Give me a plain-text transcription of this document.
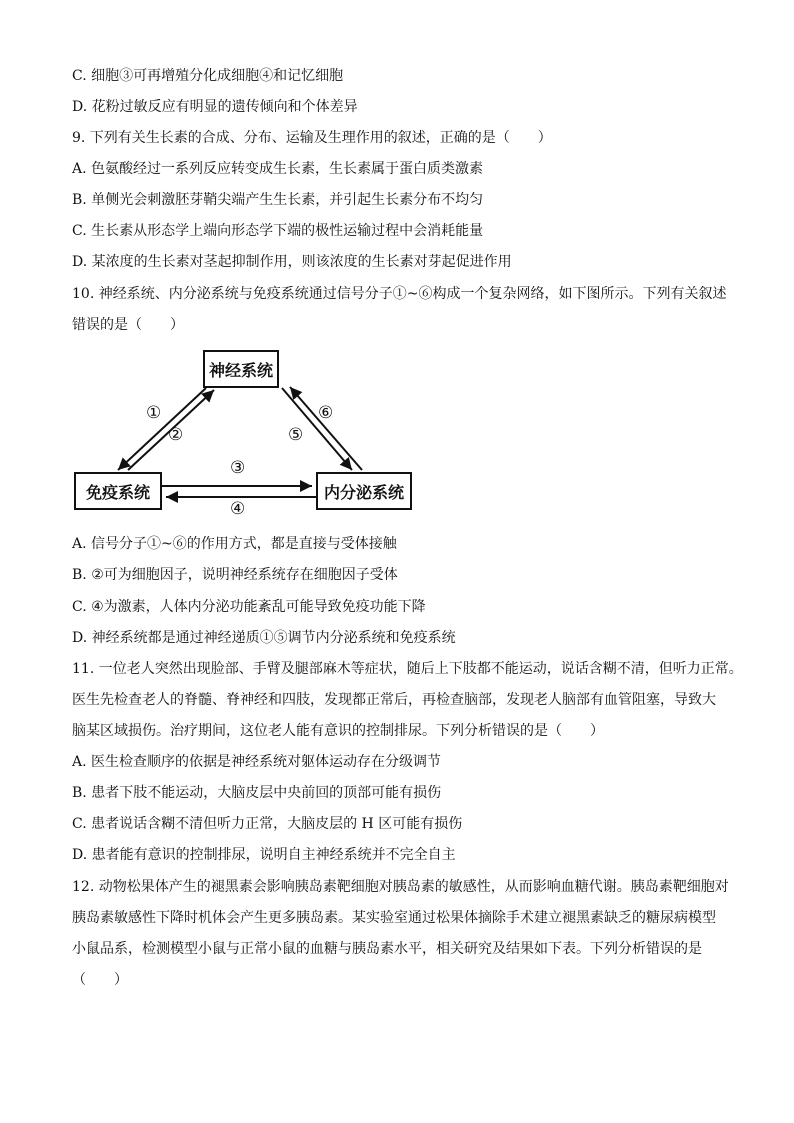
C. 细胞③可再增殖分化成细胞④和记忆细胞
D. 花粉过敏反应有明显的遗传倾向和个体差异
9. 下列有关生长素的合成、分布、运输及生理作用的叙述，正确的是（　　）
A. 色氨酸经过一系列反应转变成生长素，生长素属于蛋白质类激素
B. 单侧光会刺激胚芽鞘尖端产生生长素，并引起生长素分布不均匀
C. 生长素从形态学上端向形态学下端的极性运输过程中会消耗能量
D. 某浓度的生长素对茎起抑制作用，则该浓度的生长素对芽起促进作用
10. 神经系统、内分泌系统与免疫系统通过信号分子①~⑥构成一个复杂网络，如下图所示。下列有关叙述
错误的是（　　）
神经系统
免疫系统	内分泌系统
①
②
③
④
⑤
⑥
A. 信号分子①~⑥的作用方式，都是直接与受体接触
B. ②可为细胞因子，说明神经系统存在细胞因子受体
C. ④为激素，人体内分泌功能紊乱可能导致免疫功能下降
D. 神经系统都是通过神经递质①⑤调节内分泌系统和免疫系统
11. 一位老人突然出现脸部、手臂及腿部麻木等症状，随后上下肢都不能运动，说话含糊不清，但听力正常。
医生先检查老人的脊髓、脊神经和四肢，发现都正常后，再检查脑部，发现老人脑部有血管阻塞，导致大
脑某区域损伤。治疗期间，这位老人能有意识的控制排尿。下列分析错误的是（　　）
A. 医生检查顺序的依据是神经系统对躯体运动存在分级调节
B. 患者下肢不能运动，大脑皮层中央前回的顶部可能有损伤
C. 患者说话含糊不清但听力正常，大脑皮层的 H 区可能有损伤
D. 患者能有意识的控制排尿，说明自主神经系统并不完全自主
12. 动物松果体产生的褪黑素会影响胰岛素靶细胞对胰岛素的敏感性，从而影响血糖代谢。胰岛素靶细胞对
胰岛素敏感性下降时机体会产生更多胰岛素。某实验室通过松果体摘除手术建立褪黑素缺乏的糖尿病模型
小鼠品系，检测模型小鼠与正常小鼠的血糖与胰岛素水平，相关研究及结果如下表。下列分析错误的是
（　　）
